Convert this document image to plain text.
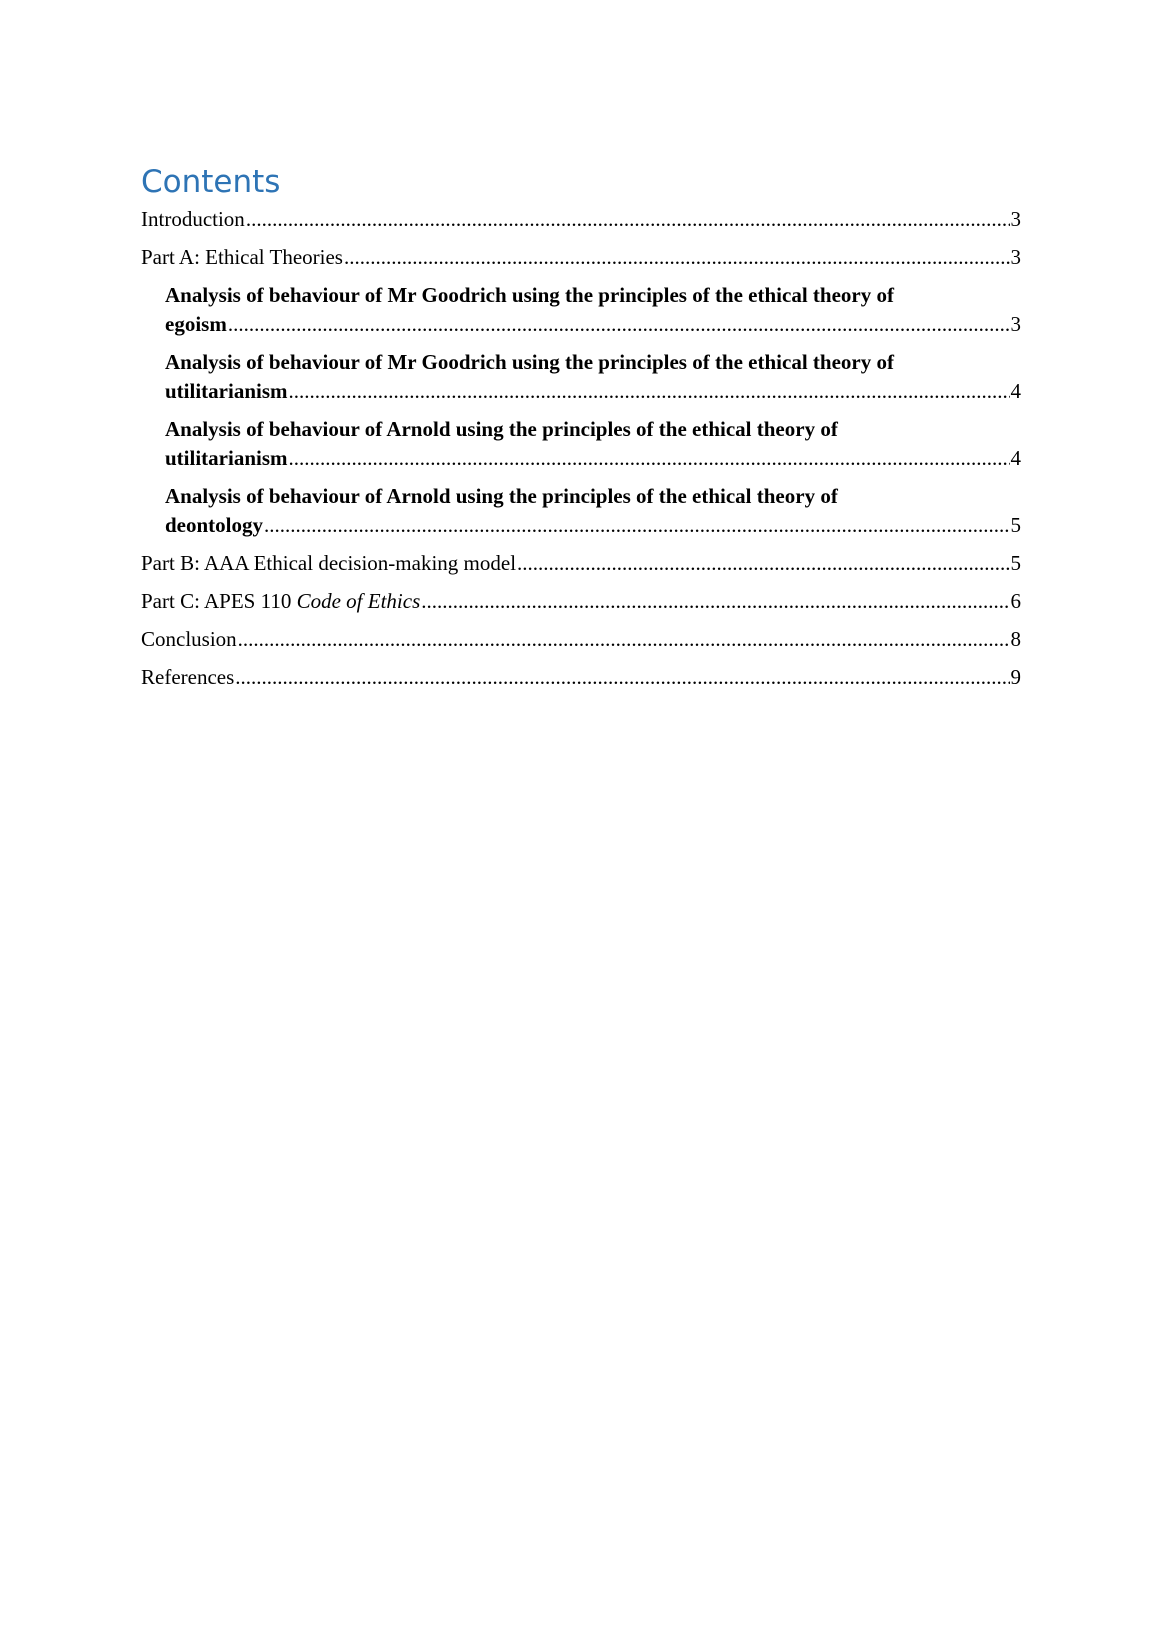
Contents
Introduction .....	3
Part A: Ethical Theories .....	3
Analysis of behaviour of Mr Goodrich using the principles of the ethical theory of
egoism .....	3
Analysis of behaviour of Mr Goodrich using the principles of the ethical theory of
utilitarianism .....	4
Analysis of behaviour of Arnold using the principles of the ethical theory of
utilitarianism .....	4
Analysis of behaviour of Arnold using the principles of the ethical theory of
deontology .....	5
Part B: AAA Ethical decision-making model .....	5
Part C: APES 110 Code of Ethics .....	6
Conclusion .....	8
References .....	9
